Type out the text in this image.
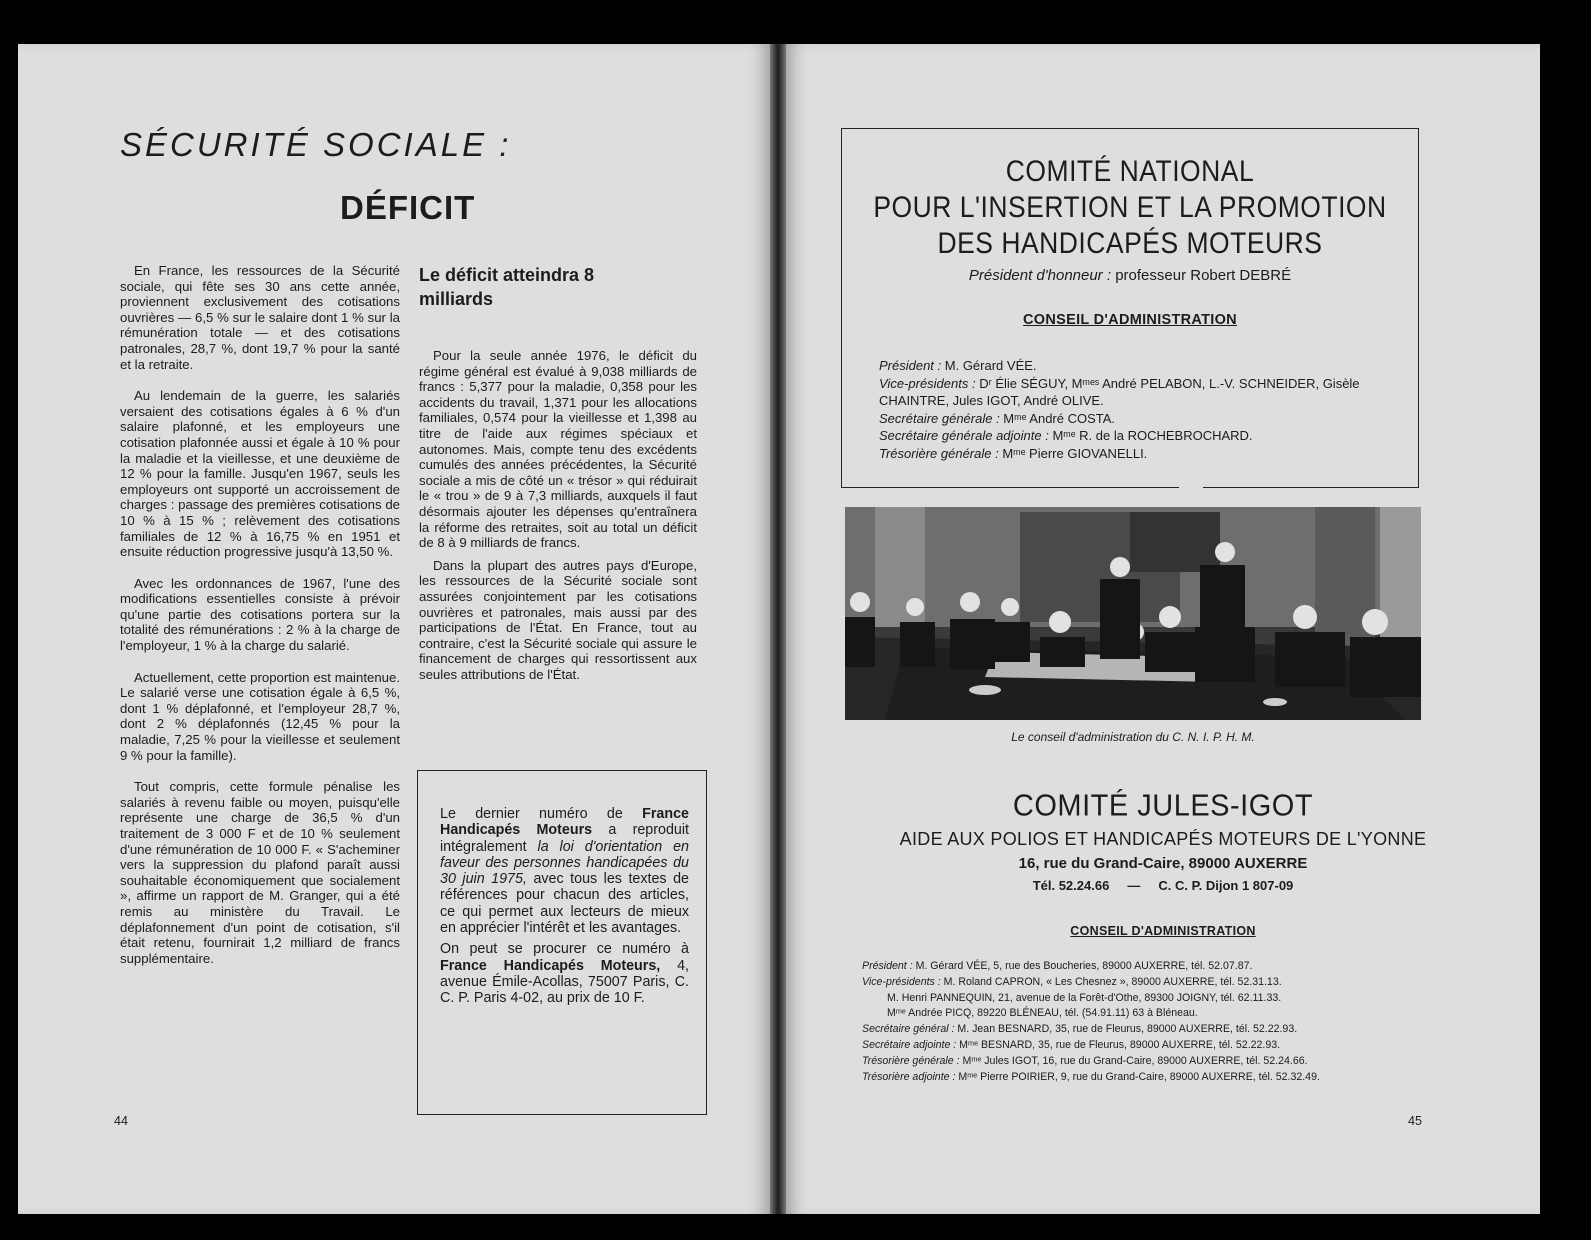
SÉCURITÉ SOCIALE :
DÉFICIT

En France, les ressources de la Sécurité sociale, qui fête ses 30 ans cette année, proviennent exclusivement des cotisations ouvrières — 6,5 % sur le salaire dont 1 % sur la rémunération totale — et des cotisations patronales, 28,7 %, dont 19,7 % pour la santé et la retraite.

Au lendemain de la guerre, les salariés versaient des cotisations égales à 6 % d'un salaire plafonné, et les employeurs une cotisation plafonnée aussi et égale à 10 % pour la maladie et la vieillesse, et une deuxième de 12 % pour la famille. Jusqu'en 1967, seuls les employeurs ont supporté un accroissement de charges : passage des premières cotisations de 10 % à 15 % ; relèvement des cotisations familiales de 12 % à 16,75 % en 1951 et ensuite réduction progressive jusqu'à 13,50 %.

Avec les ordonnances de 1967, l'une des modifications essentielles consiste à prévoir qu'une partie des cotisations portera sur la totalité des rémunérations : 2 % à la charge de l'employeur, 1 % à la charge du salarié.

Actuellement, cette proportion est maintenue. Le salarié verse une cotisation égale à 6,5 %, dont 1 % déplafonné, et l'employeur 28,7 %, dont 2 % déplafonnés (12,45 % pour la maladie, 7,25 % pour la vieillesse et seulement 9 % pour la famille).

Tout compris, cette formule pénalise les salariés à revenu faible ou moyen, puisqu'elle représente une charge de 36,5 % d'un traitement de 3 000 F et de 10 % seulement d'une rémunération de 10 000 F. « S'acheminer vers la suppression du plafond paraît aussi souhaitable économiquement que socialement », affirme un rapport de M. Granger, qui a été remis au ministère du Travail. Le déplafonnement d'un point de cotisation, s'il était retenu, fournirait 1,2 milliard de francs supplémentaire.

Le déficit atteindra 8 milliards

Pour la seule année 1976, le déficit du régime général est évalué à 9,038 milliards de francs : 5,377 pour la maladie, 0,358 pour les accidents du travail, 1,371 pour les allocations familiales, 0,574 pour la vieillesse et 1,398 au titre de l'aide aux régimes spéciaux et autonomes. Mais, compte tenu des excédents cumulés des années précédentes, la Sécurité sociale a mis de côté un « trésor » qui réduirait le « trou » de 9 à 7,3 milliards, auxquels il faut désormais ajouter les dépenses qu'entraînera la réforme des retraites, soit au total un déficit de 8 à 9 milliards de francs.

Dans la plupart des autres pays d'Europe, les ressources de la Sécurité sociale sont assurées conjointement par les cotisations ouvrières et patronales, mais aussi par des participations de l'État. En France, tout au contraire, c'est la Sécurité sociale qui assure le financement de charges qui ressortissent aux seules attributions de l'État.

Le dernier numéro de France Handicapés Moteurs a reproduit intégralement la loi d'orientation en faveur des personnes handicapées du 30 juin 1975, avec tous les textes de références pour chacun des articles, ce qui permet aux lecteurs de mieux en apprécier l'intérêt et les avantages.

On peut se procurer ce numéro à France Handicapés Moteurs, 4, avenue Émile-Acollas, 75007 Paris, C. C. P. Paris 4-02, au prix de 10 F.

44
COMITÉ NATIONAL
POUR L'INSERTION ET LA PROMOTION
DES HANDICAPÉS MOTEURS
Président d'honneur : professeur Robert DEBRÉ
CONSEIL D'ADMINISTRATION
Président : M. Gérard VÉE.
Vice-présidents : Dʳ Élie SÉGUY, Mᵐᵉˢ André PELABON, L.-V. SCHNEIDER, Gisèle CHAINTRE, Jules IGOT, André OLIVE.
Secrétaire générale : Mᵐᵉ André COSTA.
Secrétaire générale adjointe : Mᵐᵉ R. de la ROCHEBROCHARD.
Trésorière générale : Mᵐᵉ Pierre GIOVANELLI.
Le conseil d'administration du C. N. I. P. H. M.
COMITÉ JULES-IGOT
AIDE AUX POLIOS ET HANDICAPÉS MOTEURS DE L'YONNE
16, rue du Grand-Caire, 89000 AUXERRE
Tél. 52.24.66     —     C. C. P. Dijon 1 807-09
CONSEIL D'ADMINISTRATION
Président : M. Gérard VÉE, 5, rue des Boucheries, 89000 AUXERRE, tél. 52.07.87.
Vice-présidents : M. Roland CAPRON, « Les Chesnez », 89000 AUXERRE, tél. 52.31.13.
M. Henri PANNEQUIN, 21, avenue de la Forêt-d'Othe, 89300 JOIGNY, tél. 62.11.33.
Mᵐᵉ Andrée PICQ, 89220 BLÉNEAU, tél. (54.91.11) 63 à Bléneau.
Secrétaire général : M. Jean BESNARD, 35, rue de Fleurus, 89000 AUXERRE, tél. 52.22.93.
Secrétaire adjointe : Mᵐᵉ BESNARD, 35, rue de Fleurus, 89000 AUXERRE, tél. 52.22.93.
Trésorière générale : Mᵐᵉ Jules IGOT, 16, rue du Grand-Caire, 89000 AUXERRE, tél. 52.24.66.
Trésorière adjointe : Mᵐᵉ Pierre POIRIER, 9, rue du Grand-Caire, 89000 AUXERRE, tél. 52.32.49.
45
